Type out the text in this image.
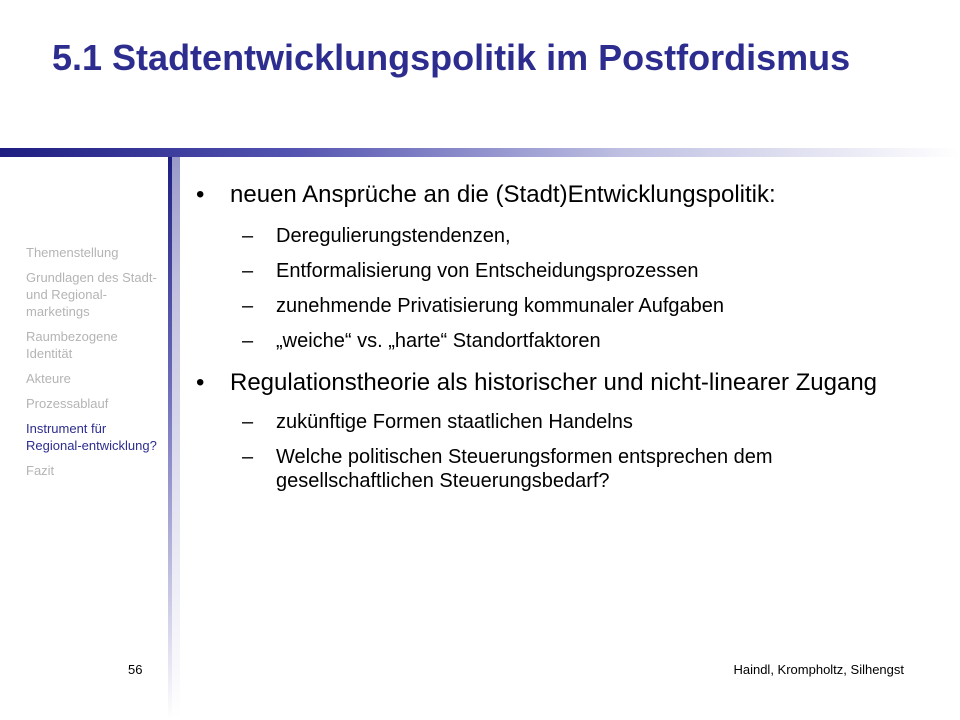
5.1 Stadtentwicklungspolitik im Postfordismus
Themenstellung
Grundlagen des Stadt- und Regional-marketings
Raumbezogene Identität
Akteure
Prozessablauf
Instrument für Regional-entwicklung?
Fazit
• neuen Ansprüche an die (Stadt)Entwicklungspolitik:
– Deregulierungstendenzen,
– Entformalisierung von Entscheidungsprozessen
– zunehmende Privatisierung kommunaler Aufgaben
– „weiche“ vs. „harte“ Standortfaktoren
• Regulationstheorie als historischer und nicht-linearer Zugang
– zukünftige Formen staatlichen Handelns
– Welche politischen Steuerungsformen entsprechen dem gesellschaftlichen Steuerungsbedarf?
56	Haindl, Krompholtz, Silhengst
